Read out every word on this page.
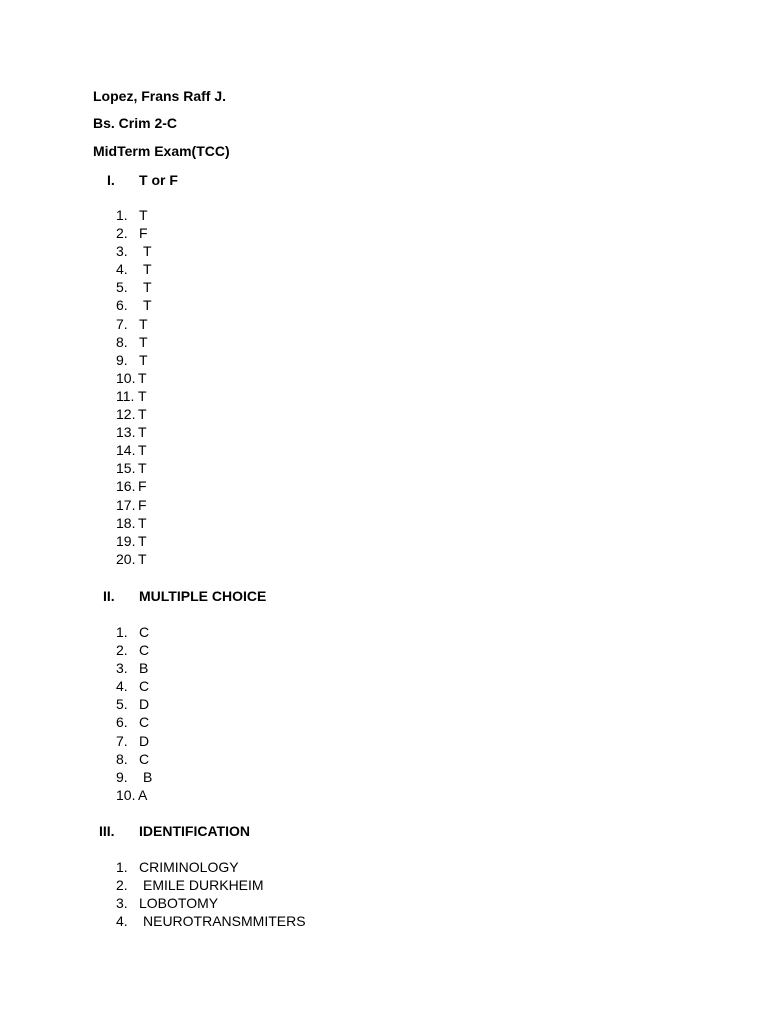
Lopez, Frans Raff J.
Bs. Crim 2-C
MidTerm Exam(TCC)
I. T or F
1. T
2. F
3. T
4. T
5. T
6. T
7. T
8. T
9. T
10. T
11. T
12. T
13. T
14. T
15. T
16. F
17. F
18. T
19. T
20. T
II. MULTIPLE CHOICE
1. C
2. C
3. B
4. C
5. D
6. C
7. D
8. C
9. B
10. A
III. IDENTIFICATION
1. CRIMINOLOGY
2. EMILE DURKHEIM
3. LOBOTOMY
4. NEUROTRANSMMITERS
